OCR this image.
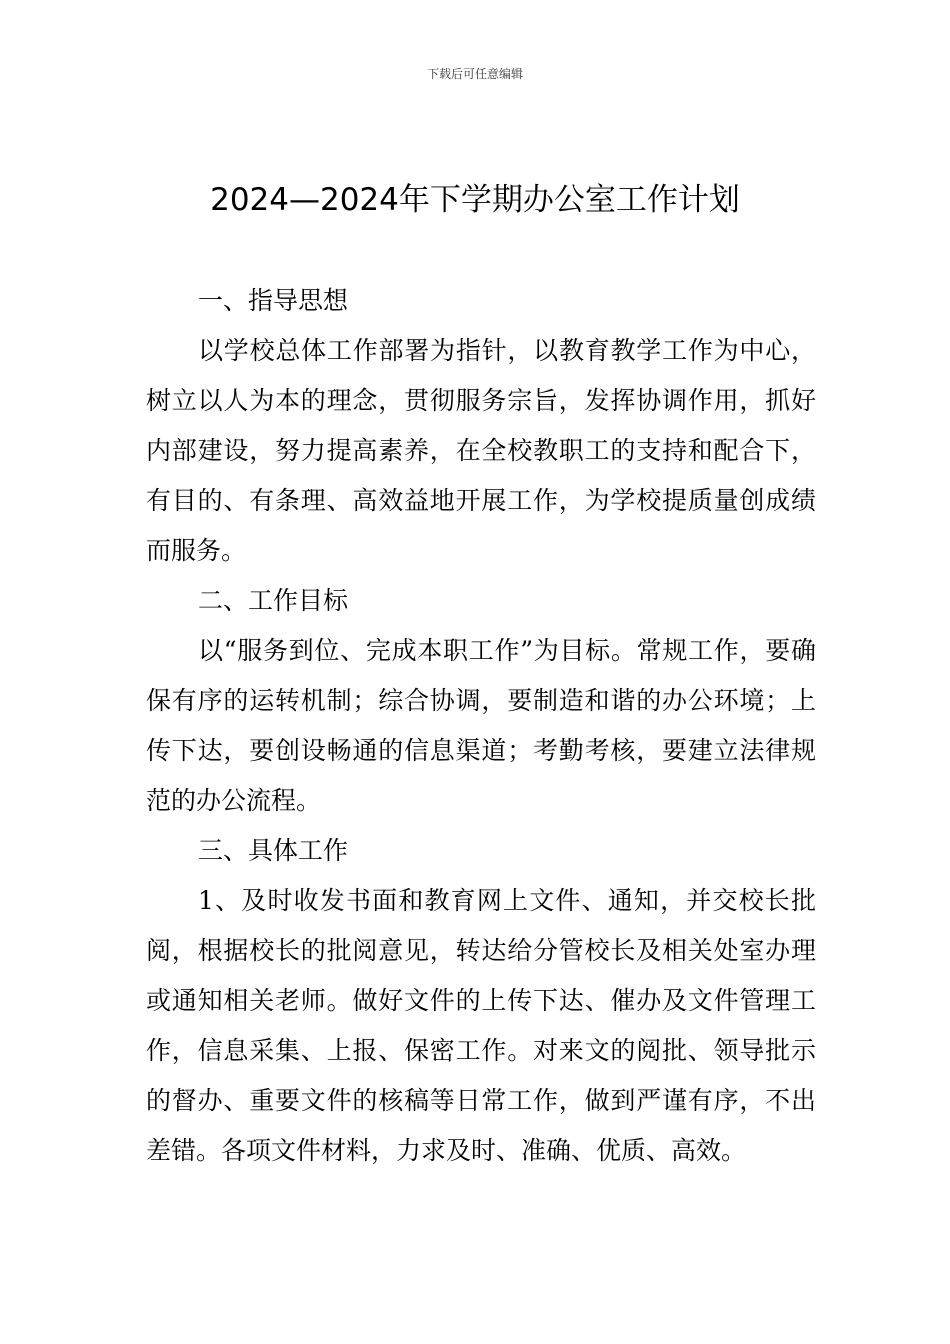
下载后可任意编辑
2024—2024年下学期办公室工作计划

一、指导思想

以学校总体工作部署为指针，以教育教学工作为中心，树立以人为本的理念，贯彻服务宗旨，发挥协调作用，抓好内部建设，努力提高素养，在全校教职工的支持和配合下，有目的、有条理、高效益地开展工作，为学校提质量创成绩而服务。

二、工作目标

以“服务到位、完成本职工作”为目标。常规工作，要确保有序的运转机制；综合协调，要制造和谐的办公环境；上传下达，要创设畅通的信息渠道；考勤考核，要建立法律规范的办公流程。

三、具体工作

1、及时收发书面和教育网上文件、通知，并交校长批阅，根据校长的批阅意见，转达给分管校长及相关处室办理或通知相关老师。做好文件的上传下达、催办及文件管理工作，信息采集、上报、保密工作。对来文的阅批、领导批示的督办、重要文件的核稿等日常工作，做到严谨有序，不出差错。各项文件材料，力求及时、准确、优质、高效。
